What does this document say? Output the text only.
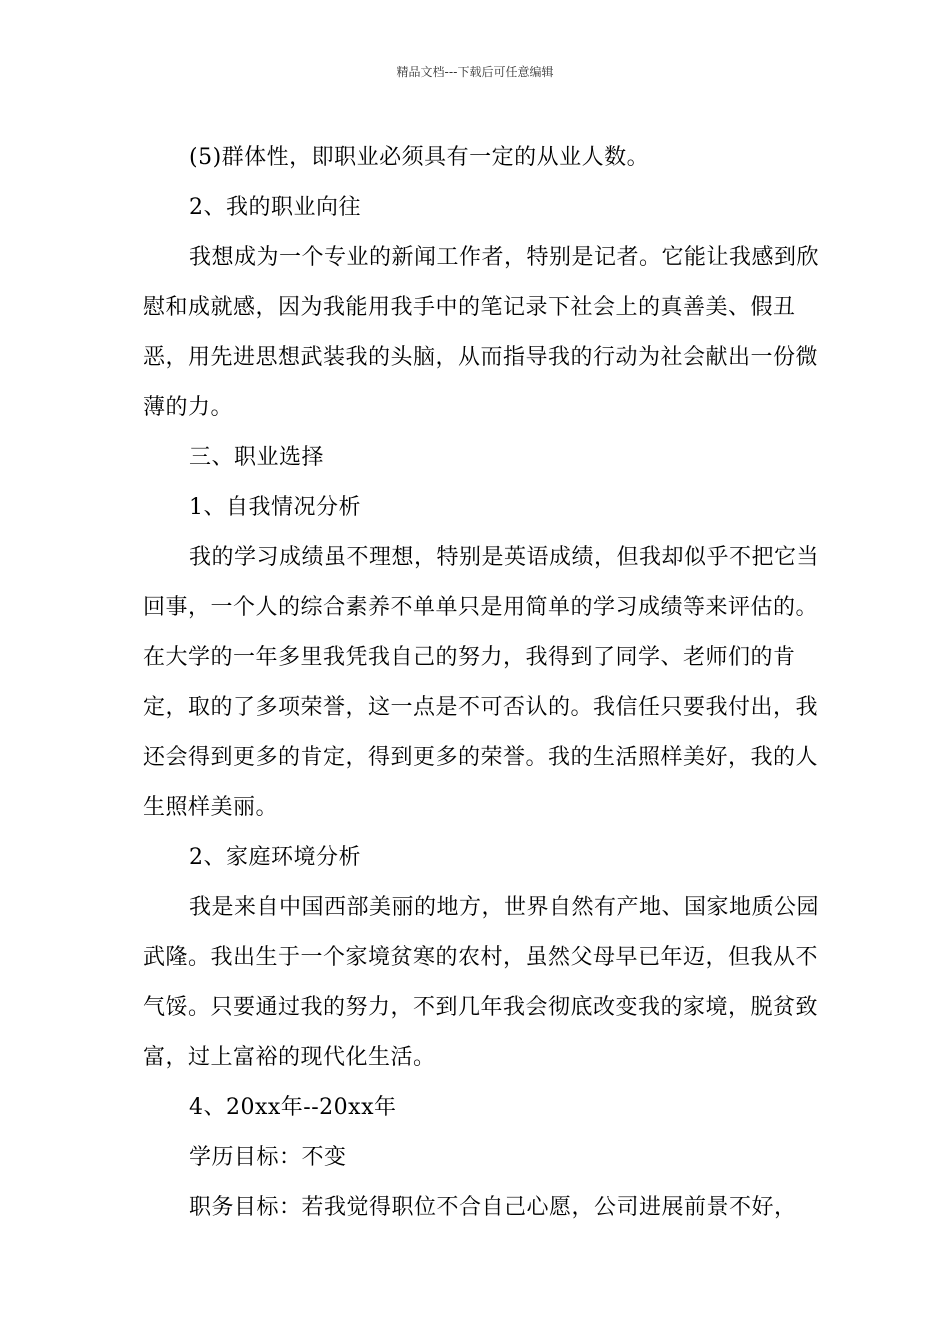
精品文档---下载后可任意编辑

(5)群体性，即职业必须具有一定的从业人数。

2、我的职业向往

我想成为一个专业的新闻工作者，特别是记者。它能让我感到欣慰和成就感，因为我能用我手中的笔记录下社会上的真善美、假丑恶，用先进思想武装我的头脑，从而指导我的行动为社会献出一份微薄的力。

三、职业选择

1、自我情况分析

我的学习成绩虽不理想，特别是英语成绩，但我却似乎不把它当回事，一个人的综合素养不单单只是用简单的学习成绩等来评估的。在大学的一年多里我凭我自己的努力，我得到了同学、老师们的肯定，取的了多项荣誉，这一点是不可否认的。我信任只要我付出，我还会得到更多的肯定，得到更多的荣誉。我的生活照样美好，我的人生照样美丽。

2、家庭环境分析

我是来自中国西部美丽的地方，世界自然有产地、国家地质公园武隆。我出生于一个家境贫寒的农村，虽然父母早已年迈，但我从不气馁。只要通过我的努力，不到几年我会彻底改变我的家境，脱贫致富，过上富裕的现代化生活。

4、20xx年--20xx年

学历目标：不变

职务目标：若我觉得职位不合自己心愿，公司进展前景不好，
